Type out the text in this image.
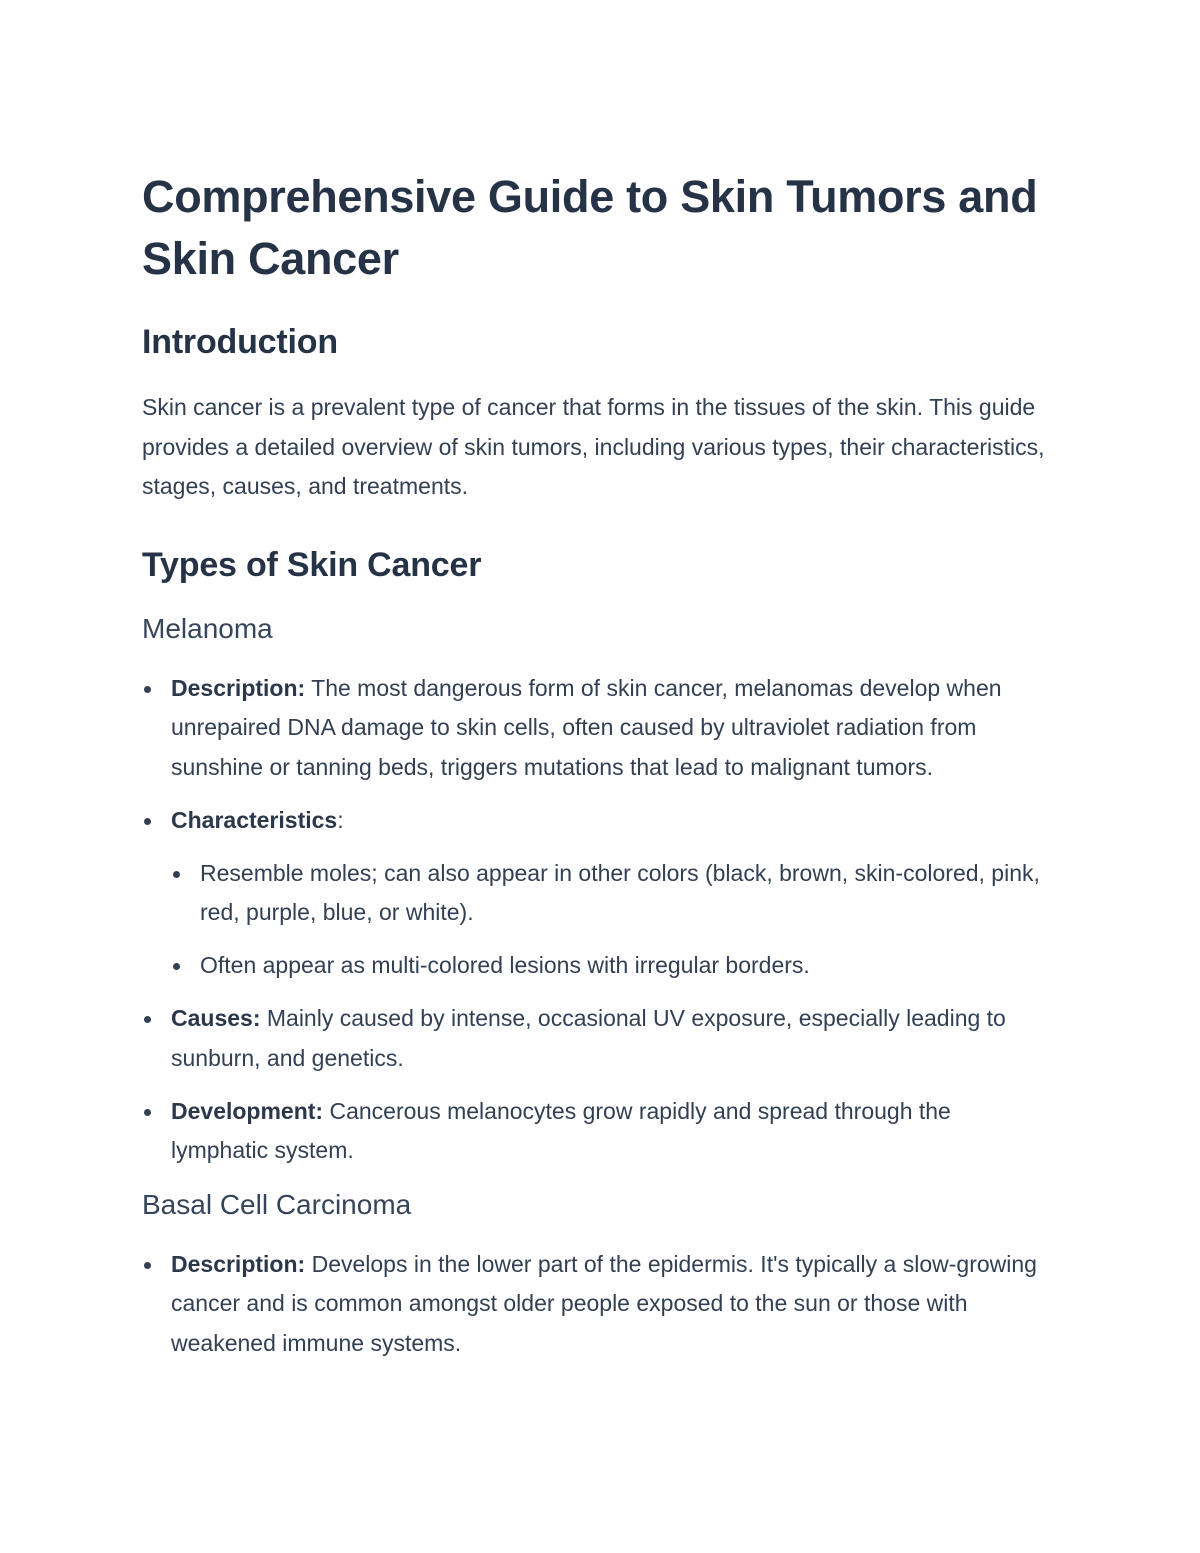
Comprehensive Guide to Skin Tumors and Skin Cancer
Introduction

Skin cancer is a prevalent type of cancer that forms in the tissues of the skin. This guide provides a detailed overview of skin tumors, including various types, their characteristics, stages, causes, and treatments.

Types of Skin Cancer
Melanoma
Description: The most dangerous form of skin cancer, melanomas develop when unrepaired DNA damage to skin cells, often caused by ultraviolet radiation from sunshine or tanning beds, triggers mutations that lead to malignant tumors.
Characteristics:
Resemble moles; can also appear in other colors (black, brown, skin-colored, pink, red, purple, blue, or white).
Often appear as multi-colored lesions with irregular borders.
Causes: Mainly caused by intense, occasional UV exposure, especially leading to sunburn, and genetics.
Development: Cancerous melanocytes grow rapidly and spread through the lymphatic system.
Basal Cell Carcinoma
Description: Develops in the lower part of the epidermis. It's typically a slow-growing cancer and is common amongst older people exposed to the sun or those with weakened immune systems.
